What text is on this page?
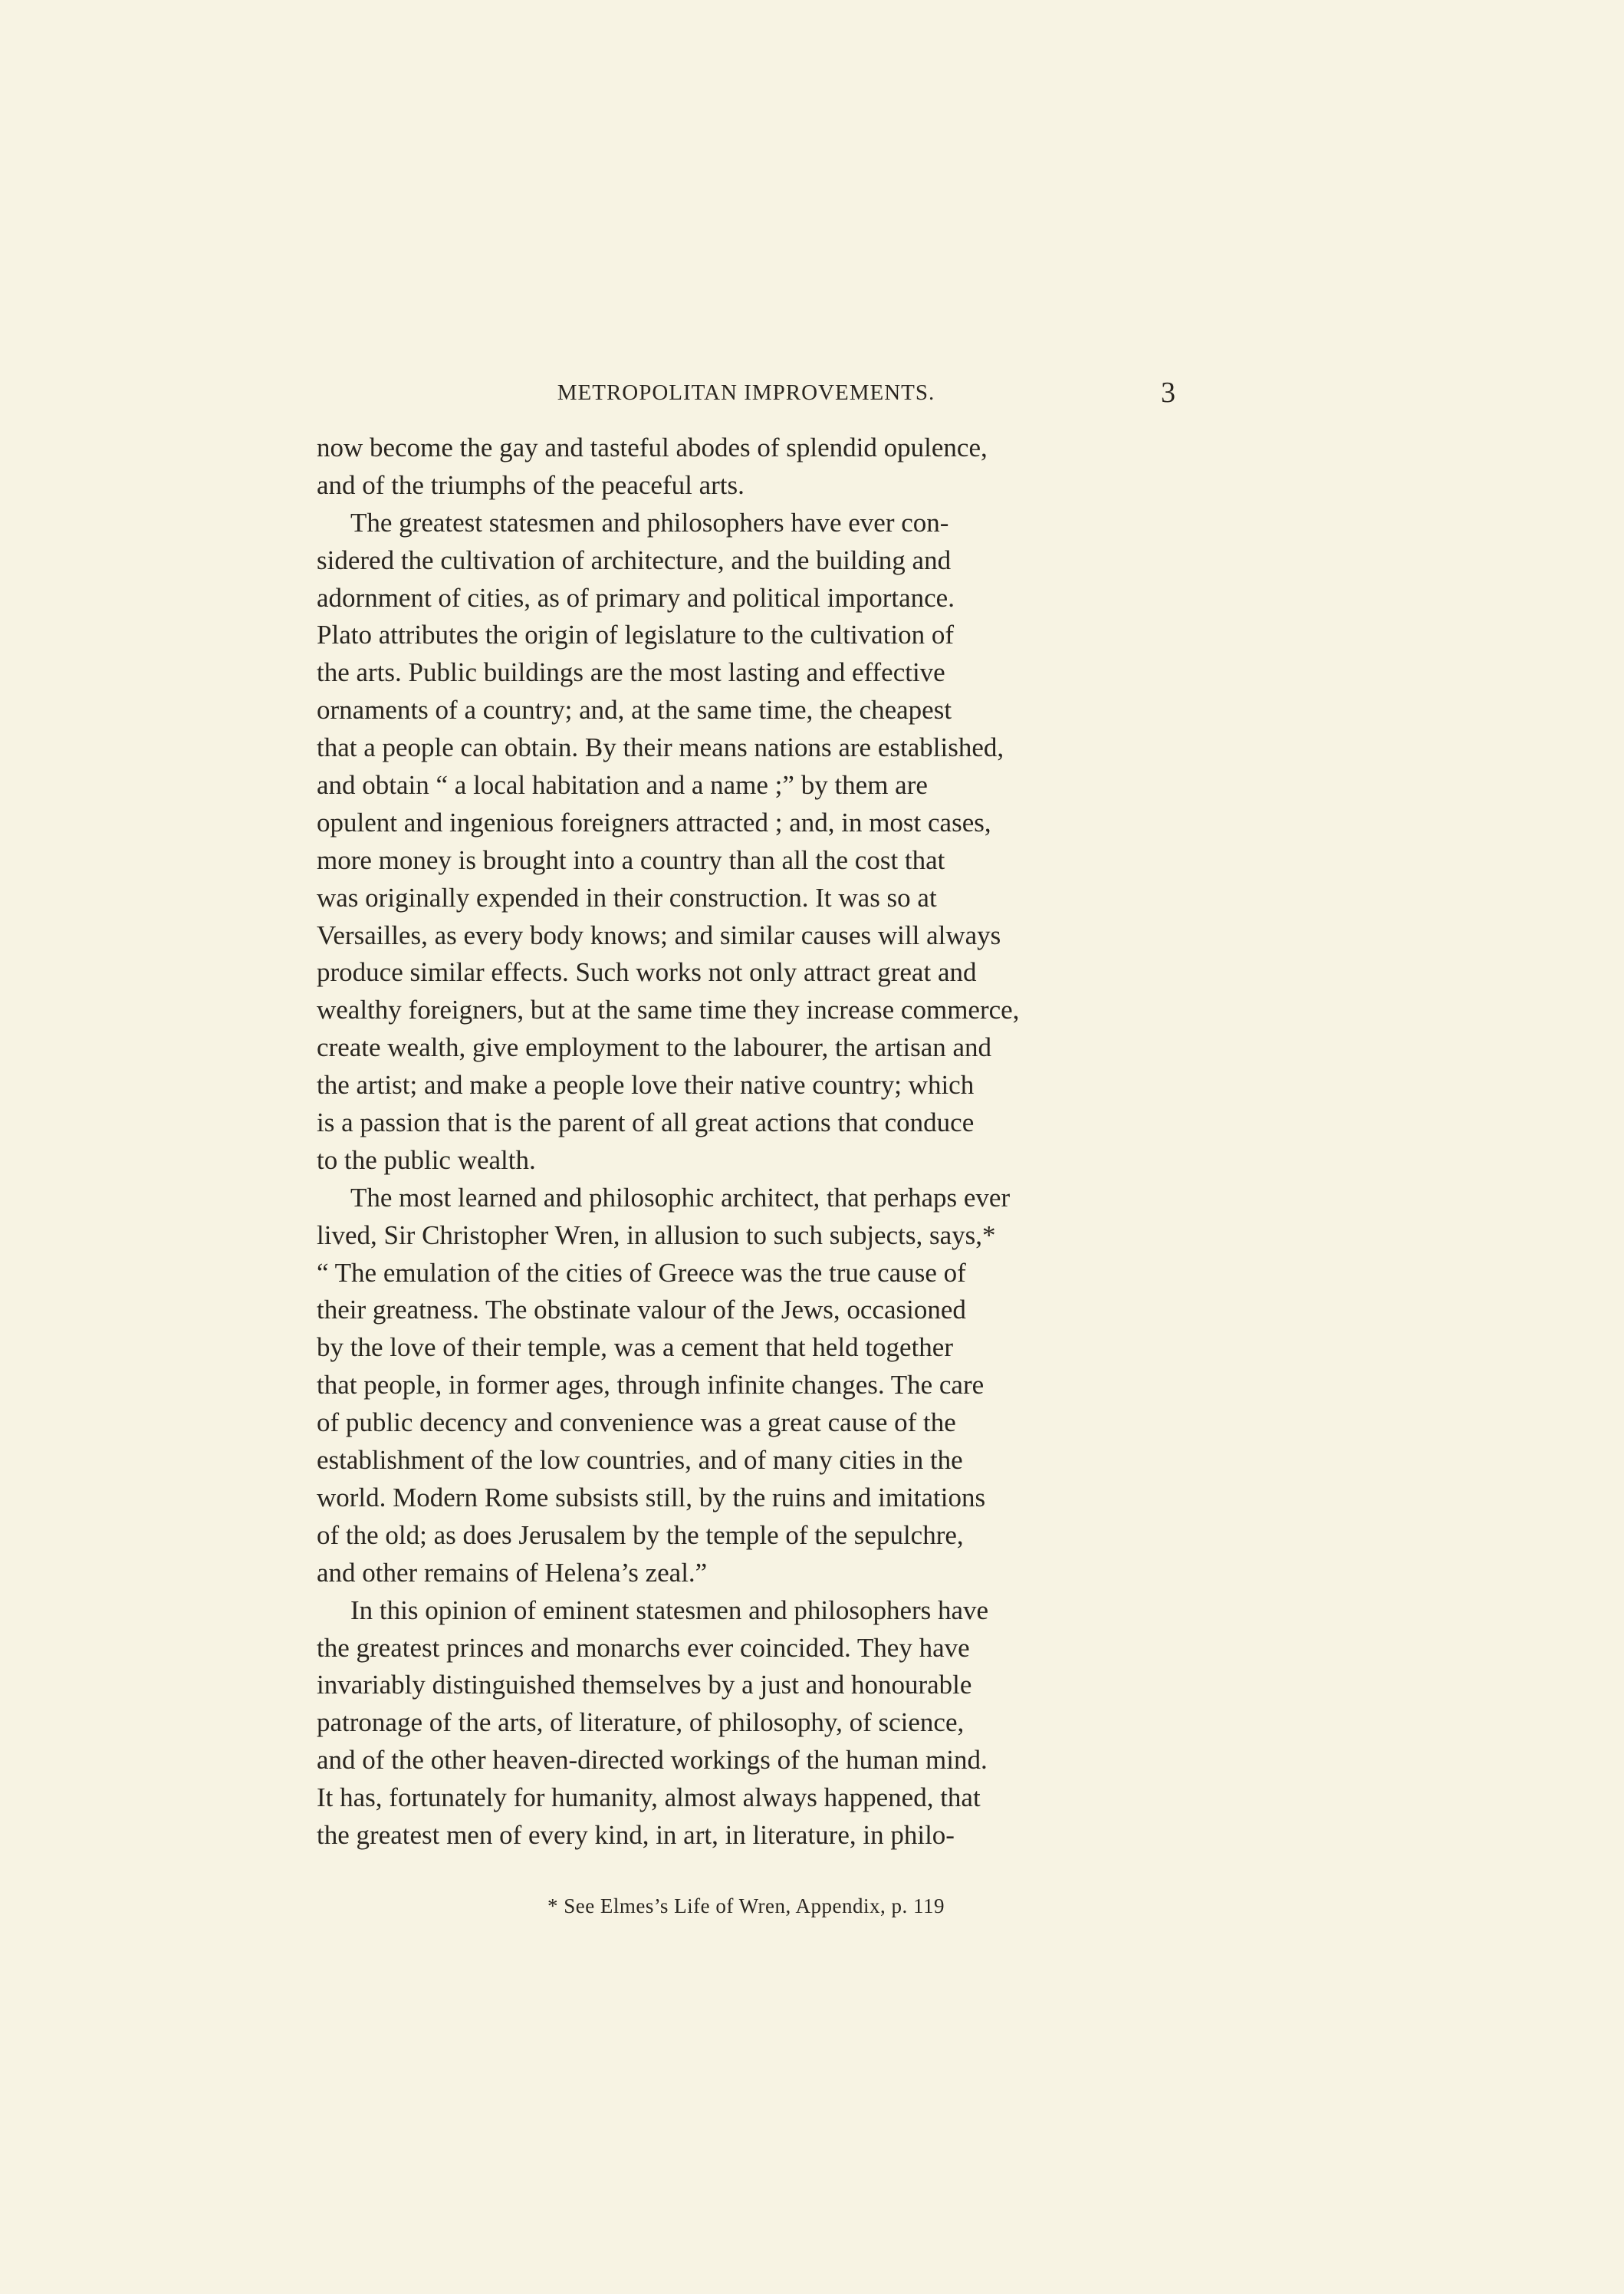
METROPOLITAN IMPROVEMENTS.	3
now become the gay and tasteful abodes of splendid opulence,
and of the triumphs of the peaceful arts.
The greatest statesmen and philosophers have ever con-
sidered the cultivation of architecture, and the building and
adornment of cities, as of primary and political importance.
Plato attributes the origin of legislature to the cultivation of
the arts. Public buildings are the most lasting and effective
ornaments of a country; and, at the same time, the cheapest
that a people can obtain. By their means nations are established,
and obtain “ a local habitation and a name ;” by them are
opulent and ingenious foreigners attracted ; and, in most cases,
more money is brought into a country than all the cost that
was originally expended in their construction. It was so at
Versailles, as every body knows; and similar causes will always
produce similar effects. Such works not only attract great and
wealthy foreigners, but at the same time they increase commerce,
create wealth, give employment to the labourer, the artisan and
the artist; and make a people love their native country; which
is a passion that is the parent of all great actions that conduce
to the public wealth.
The most learned and philosophic architect, that perhaps ever
lived, Sir Christopher Wren, in allusion to such subjects, says,*
“ The emulation of the cities of Greece was the true cause of
their greatness. The obstinate valour of the Jews, occasioned
by the love of their temple, was a cement that held together
that people, in former ages, through infinite changes. The care
of public decency and convenience was a great cause of the
establishment of the low countries, and of many cities in the
world. Modern Rome subsists still, by the ruins and imitations
of the old; as does Jerusalem by the temple of the sepulchre,
and other remains of Helena’s zeal.”
In this opinion of eminent statesmen and philosophers have
the greatest princes and monarchs ever coincided. They have
invariably distinguished themselves by a just and honourable
patronage of the arts, of literature, of philosophy, of science,
and of the other heaven-directed workings of the human mind.
It has, fortunately for humanity, almost always happened, that
the greatest men of every kind, in art, in literature, in philo-
* See Elmes’s Life of Wren, Appendix, p. 119
